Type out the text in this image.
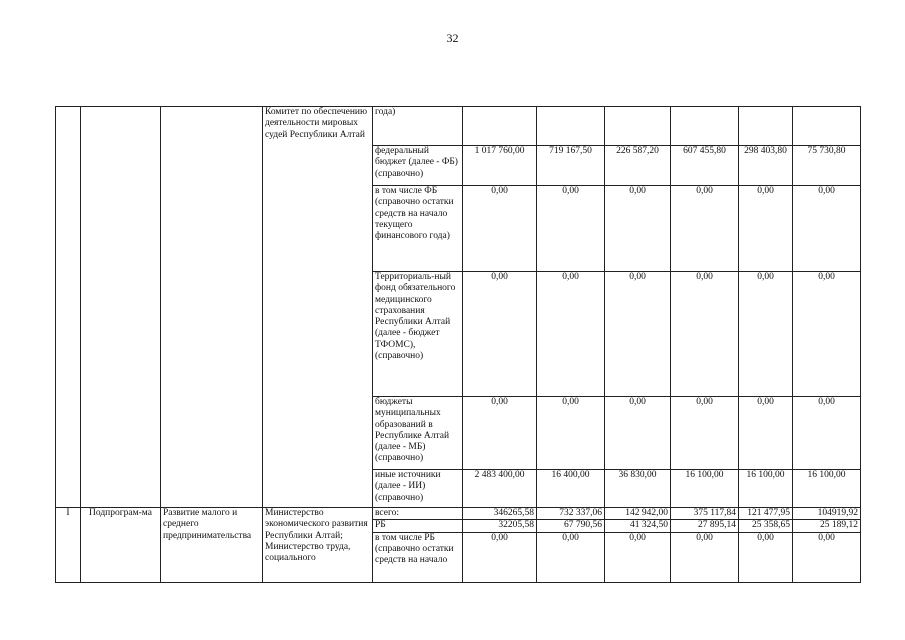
32
			Комитет по обеспечению деятельности мировых судей Республики Алтай	года)						
				федеральный бюджет (далее - ФБ) (справочно)	1 017 760,00	719 167,50	226 587,20	607 455,80	298 403,80	75 730,80
				в том числе ФБ (справочно остатки средств на начало текущего финансового года)	0,00	0,00	0,00	0,00	0,00	0,00
				Территориаль-ный фонд обязательного медицинского страхования Республики Алтай (далее - бюджет ТФОМС), (справочно)	0,00	0,00	0,00	0,00	0,00	0,00
				бюджеты муниципальных образований в Республике Алтай (далее - МБ) (справочно)	0,00	0,00	0,00	0,00	0,00	0,00
				иные источники (далее - ИИ) (справочно)	2 483 400,00	16 400,00	36 830,00	16 100,00	16 100,00	16 100,00
I	Подпрограм-ма	Развитие малого и среднего предпринимательства	Министерство экономического развития Республики Алтай; Министерство труда, социального	всего:	346265,58	732 337,06	142 942,00	375 117,84	121 477,95	104919,92
				РБ	32205,58	67 790,56	41 324,50	27 895,14	25 358,65	25 189,12
				в том числе РБ (справочно остатки средств на начало	0,00	0,00	0,00	0,00	0,00	0,00
